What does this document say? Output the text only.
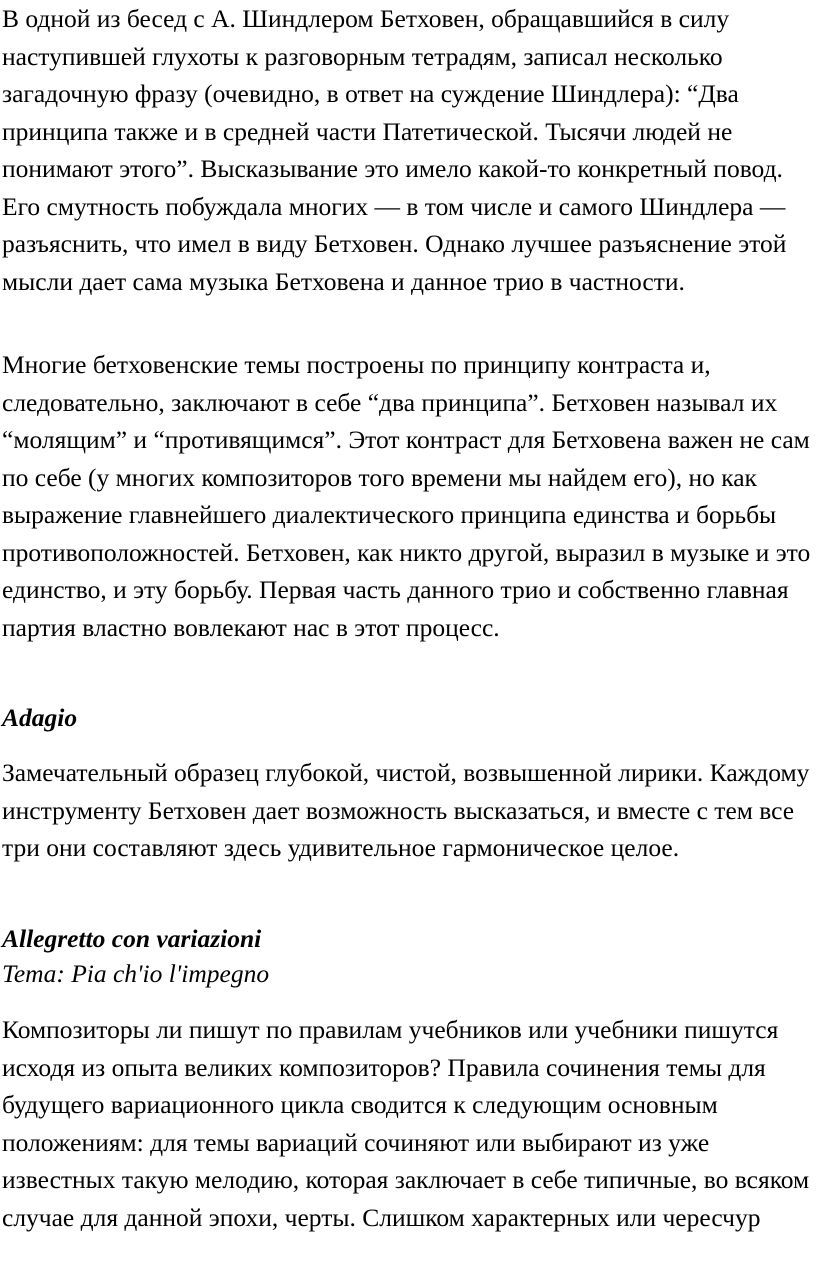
В одной из бесед с А. Шиндлером Бетховен, обращавшийся в силу наступившей глухоты к разговорным тетрадям, записал несколько загадочную фразу (очевидно, в ответ на суждение Шиндлера): “Два принципа также и в средней части Патетической. Тысячи людей не понимают этого”. Высказывание это имело какой-то конкретный повод. Его смутность побуждала многих — в том числе и самого Шиндлера — разъяснить, что имел в виду Бетховен. Однако лучшее разъяснение этой мысли дает сама музыка Бетховена и данное трио в частности.

Многие бетховенские темы построены по принципу контраста и, следовательно, заключают в себе “два принципа”. Бетховен называл их “молящим” и “противящимся”. Этот контраст для Бетховена важен не сам по себе (у многих композиторов того времени мы найдем его), но как выражение главнейшего диалектического принципа единства и борьбы противоположностей. Бетховен, как никто другой, выразил в музыке и это единство, и эту борьбу. Первая часть данного трио и собственно главная партия властно вовлекают нас в этот процесс.

Adagio

Замечательный образец глубокой, чистой, возвышенной лирики. Каждому инструменту Бетховен дает возможность высказаться, и вместе с тем все три они составляют здесь удивительное гармоническое целое.

Allegretto con variazioni

Tema: Pia ch'io l'impegno

Композиторы ли пишут по правилам учебников или учебники пишутся исходя из опыта великих композиторов? Правила сочинения темы для будущего вариационного цикла сводится к следующим основным положениям: для темы вариаций сочиняют или выбирают из уже известных такую мелодию, которая заключает в себе типичные, во всяком случае для данной эпохи, черты. Слишком характерных или чересчур
